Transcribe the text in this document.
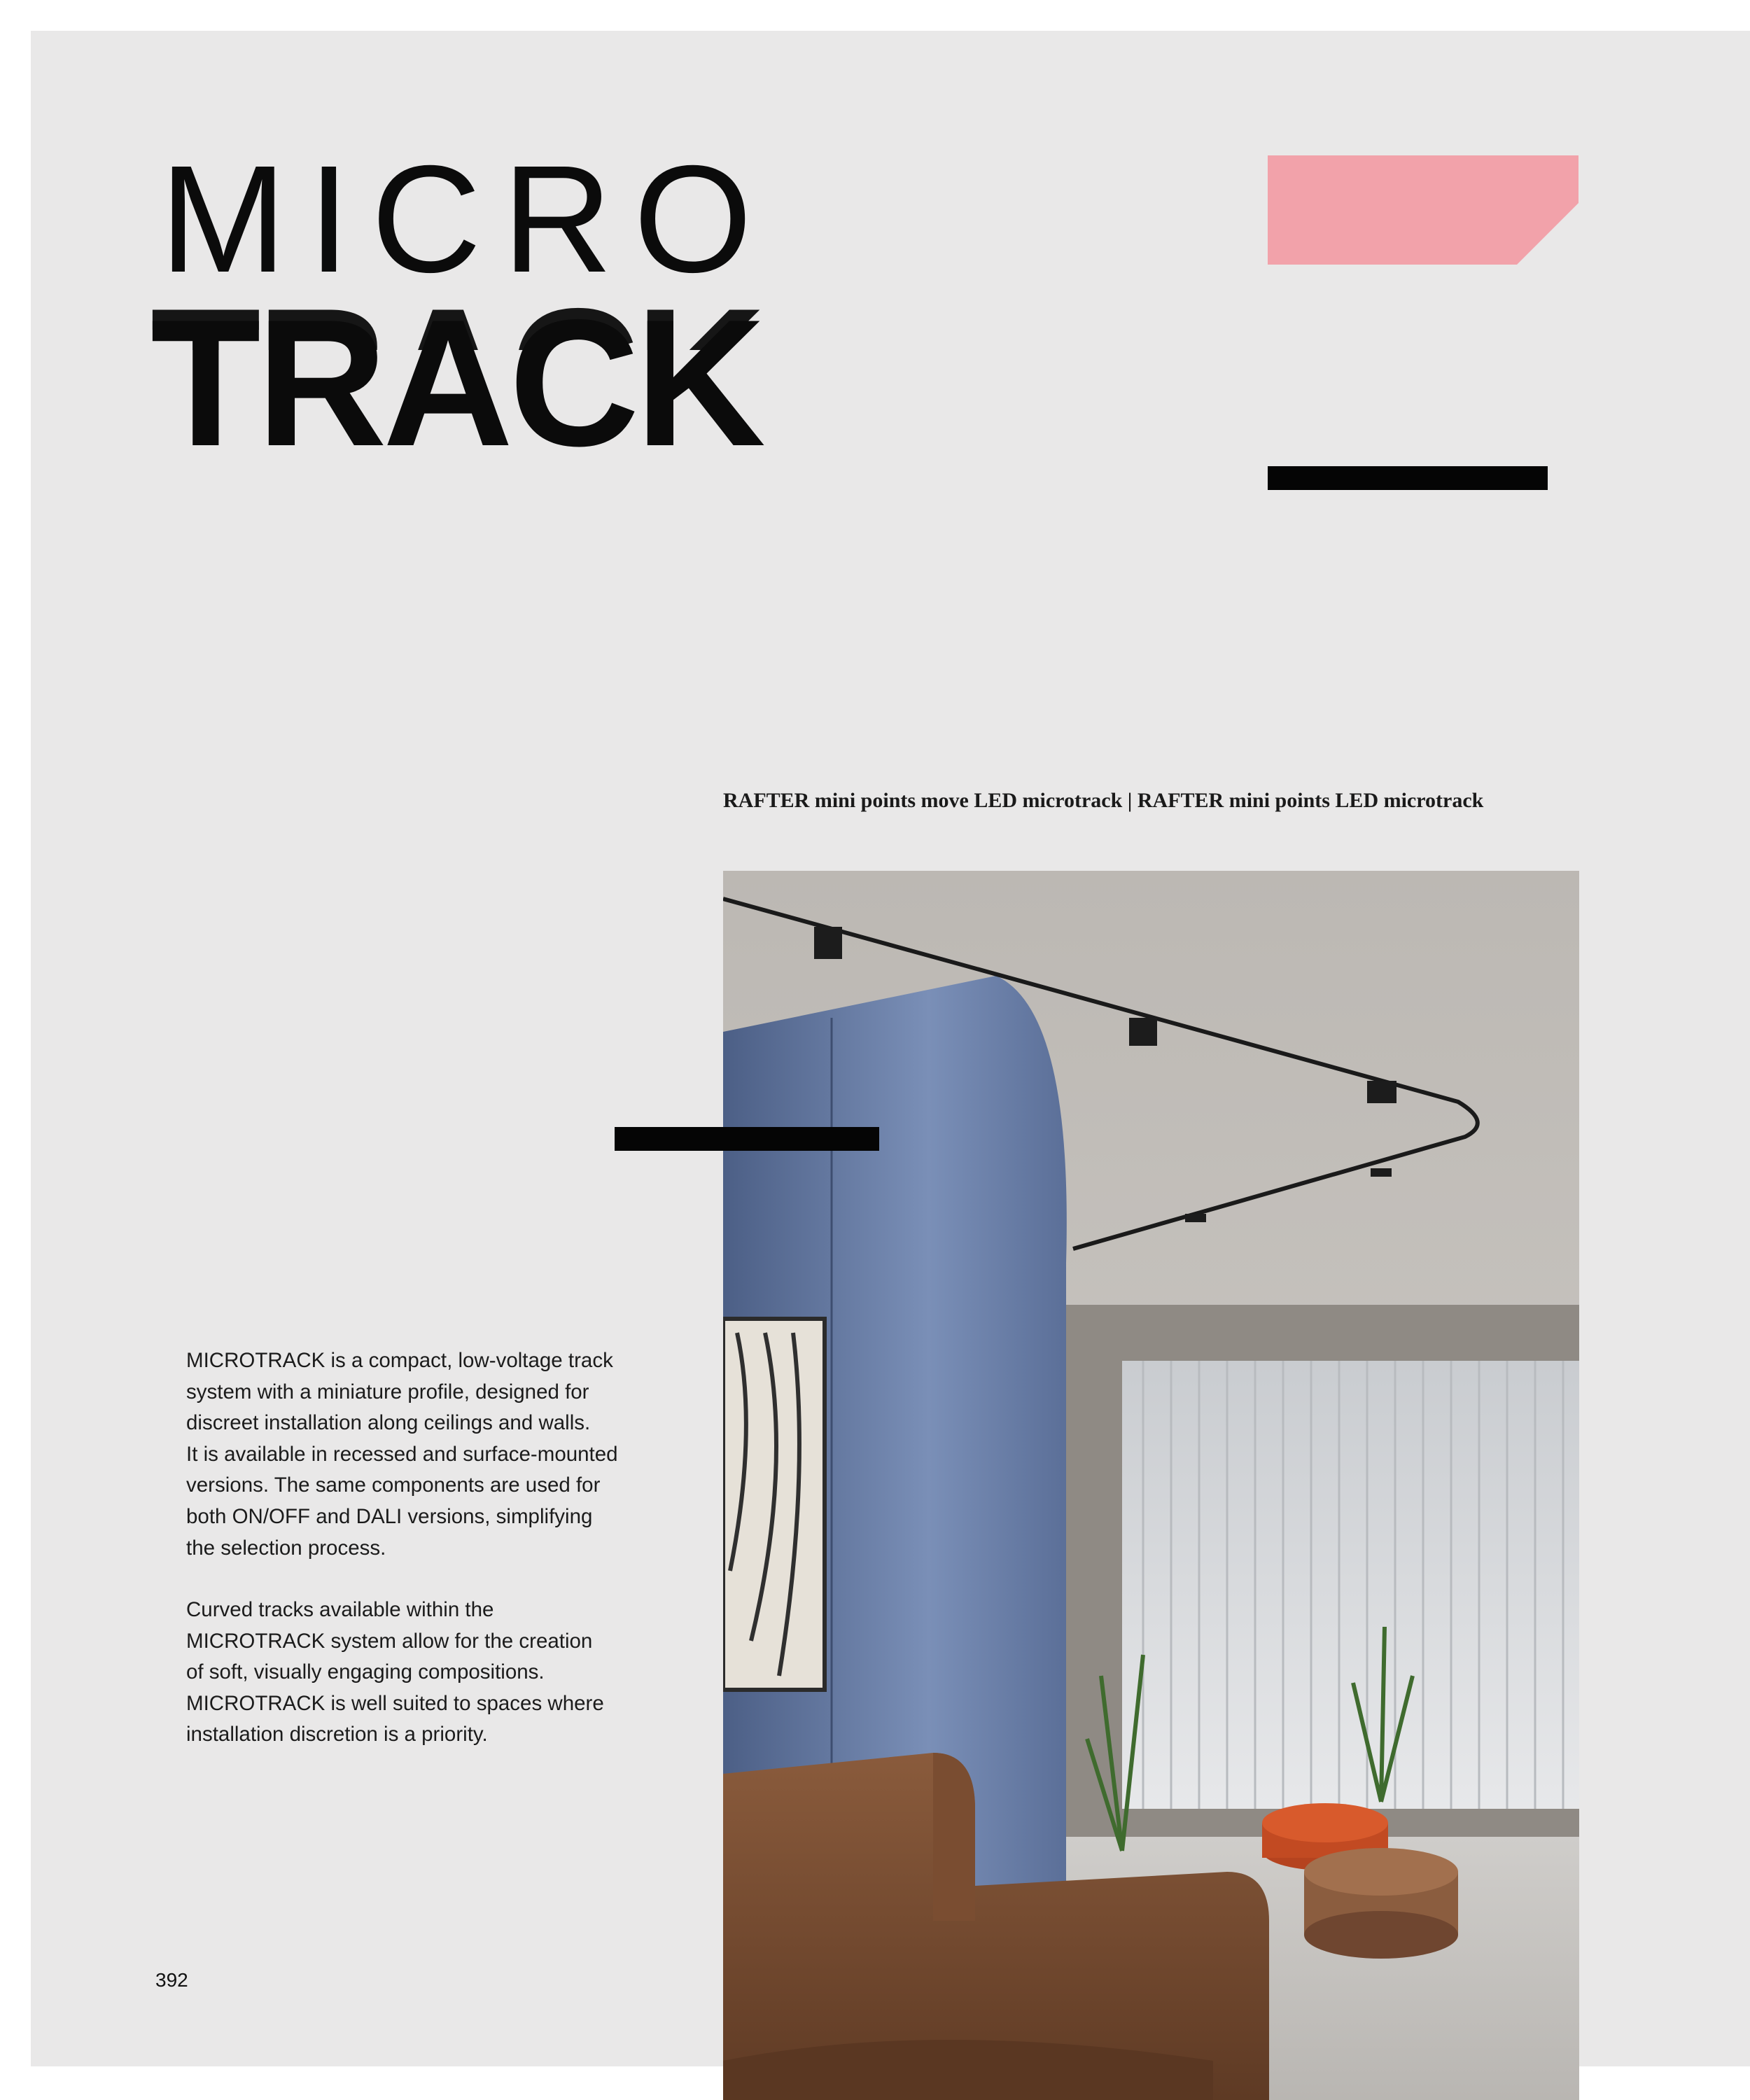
MICRO
TRACK
RAFTER mini points move LED microtrack | RAFTER mini points LED microtrack

MICROTRACK is a compact, low-voltage track

system with a miniature profile, designed for

discreet installation along ceilings and walls.

It is available in recessed and surface-mounted

versions. The same components are used for

both ON/OFF and DALI versions, simplifying

the selection process.

Curved tracks available within the

MICROTRACK system allow for the creation

of soft, visually engaging compositions.

MICROTRACK is well suited to spaces where

installation discretion is a priority.

392
